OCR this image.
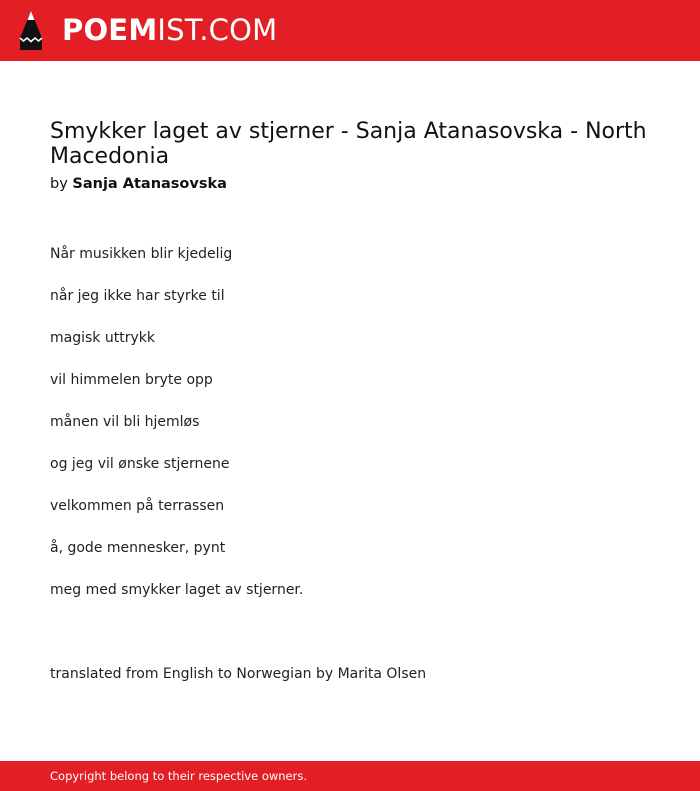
POEMIST.COM
Smykker laget av stjerner - Sanja Atanasovska - North Macedonia
by Sanja Atanasovska
Når musikken blir kjedelig
når jeg ikke har styrke til
magisk uttrykk
vil himmelen bryte opp
månen vil bli hjemløs
og jeg vil ønske stjernene
velkommen på terrassen
å, gode mennesker, pynt
meg med smykker laget av stjerner.
translated from English to Norwegian by Marita Olsen
Copyright belong to their respective owners.
